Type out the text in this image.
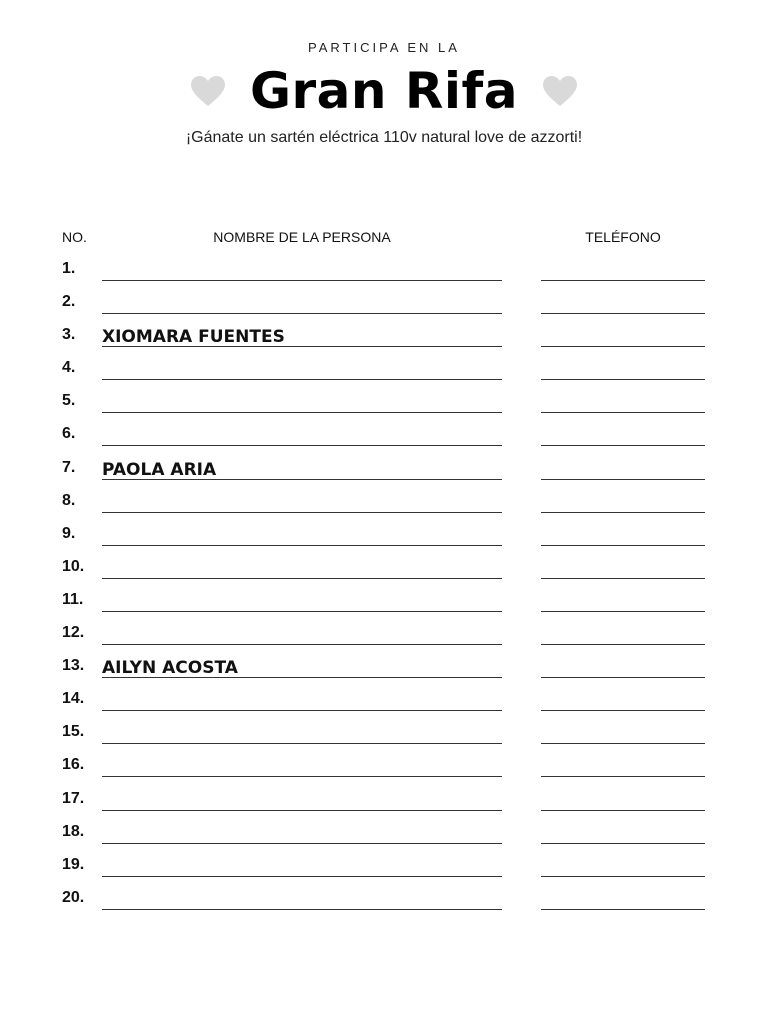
PARTICIPA EN LA
Gran Rifa
¡Gánate un sartén eléctrica 110v natural love de azzorti!
NO.	NOMBRE DE LA PERSONA	TELÉFONO
1.
2.
3. XIOMARA FUENTES
4.
5.
6.
7. PAOLA ARIA
8.
9.
10.
11.
12.
13. AILYN ACOSTA
14.
15.
16.
17.
18.
19.
20.
